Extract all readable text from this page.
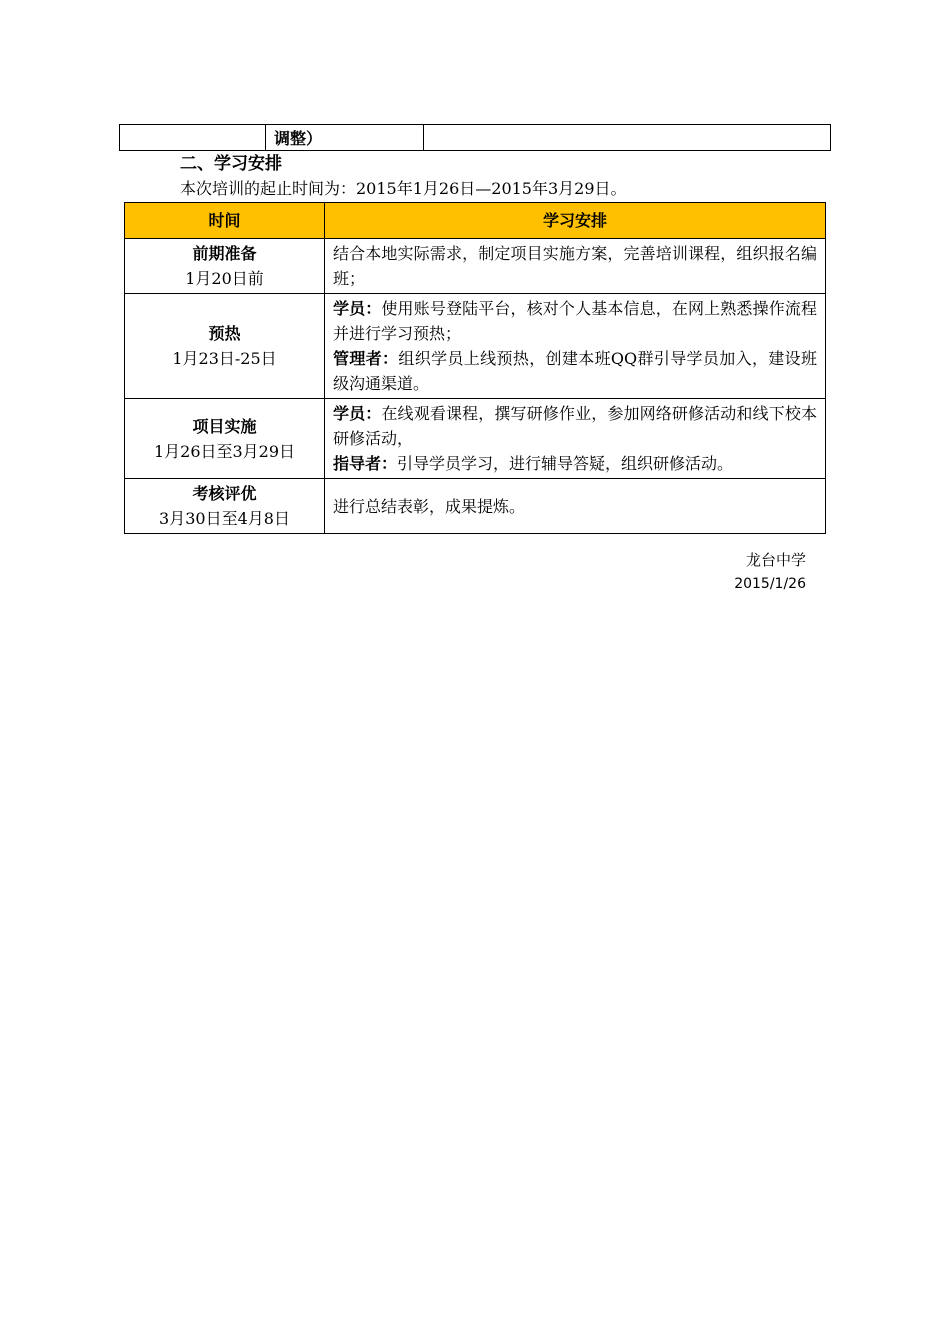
	调整）	
二、学习安排
本次培训的起止时间为：2015年1月26日—2015年3月29日。
时间	学习安排

前期准备
1月20日前	结合本地实际需求，制定项目实施方案，完善培训课程，组织报名编班；

预热
1月23日-25日	学员：使用账号登陆平台，核对个人基本信息，在网上熟悉操作流程并进行学习预热；
管理者：组织学员上线预热，创建本班QQ群引导学员加入，建设班级沟通渠道。

项目实施
1月26日至3月29日	学员：在线观看课程，撰写研修作业，参加网络研修活动和线下校本研修活动，
指导者：引导学员学习，进行辅导答疑，组织研修活动。

考核评优
3月30日至4月8日	进行总结表彰，成果提炼。
龙台中学
2015/1/26
